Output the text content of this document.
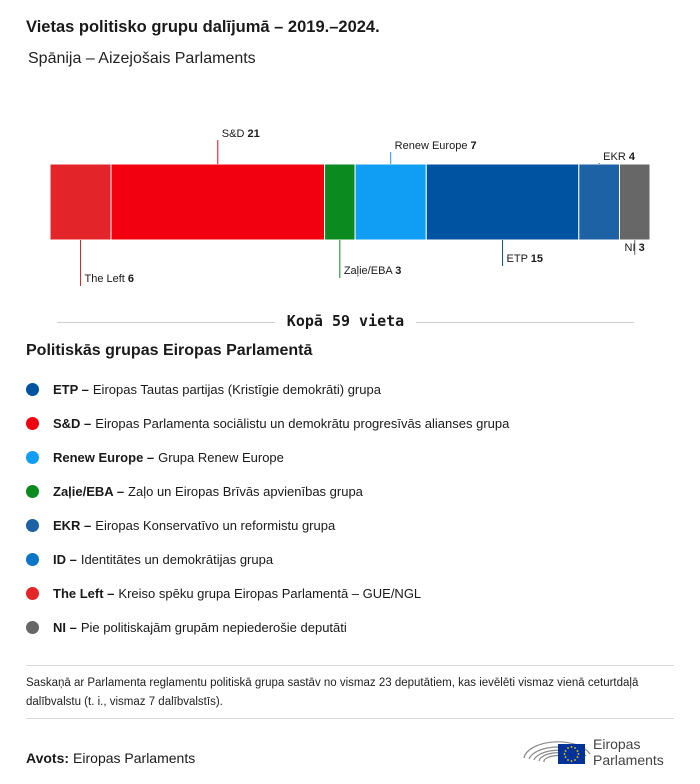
Vietas politisko grupu dalījumā – 2019.–2024.
Spānija – Aizejošais Parlaments
The Left 6
S&D 21
Zaļie/EBA 3
Renew Europe 7
ETP 15
EKR 4
NI 3
Kopā 59 vieta
Politiskās grupas Eiropas Parlamentā
ETP – Eiropas Tautas partijas (Kristīgie demokrāti) grupa
S&D – Eiropas Parlamenta sociālistu un demokrātu progresīvās alianses grupa
Renew Europe – Grupa Renew Europe
Zaļie/EBA – Zaļo un Eiropas Brīvās apvienības grupa
EKR – Eiropas Konservatīvo un reformistu grupa
ID – Identitātes un demokrātijas grupa
The Left – Kreiso spēku grupa Eiropas Parlamentā – GUE/NGL
NI – Pie politiskajām grupām nepiederošie deputāti
Saskaņā ar Parlamenta reglamentu politiskā grupa sastāv no vismaz 23 deputātiem, kas ievēlēti vismaz vienā ceturtdaļā dalībvalstu (t. i., vismaz 7 dalībvalstīs).
Avots: Eiropas Parlaments
Eiropas
Parlaments
